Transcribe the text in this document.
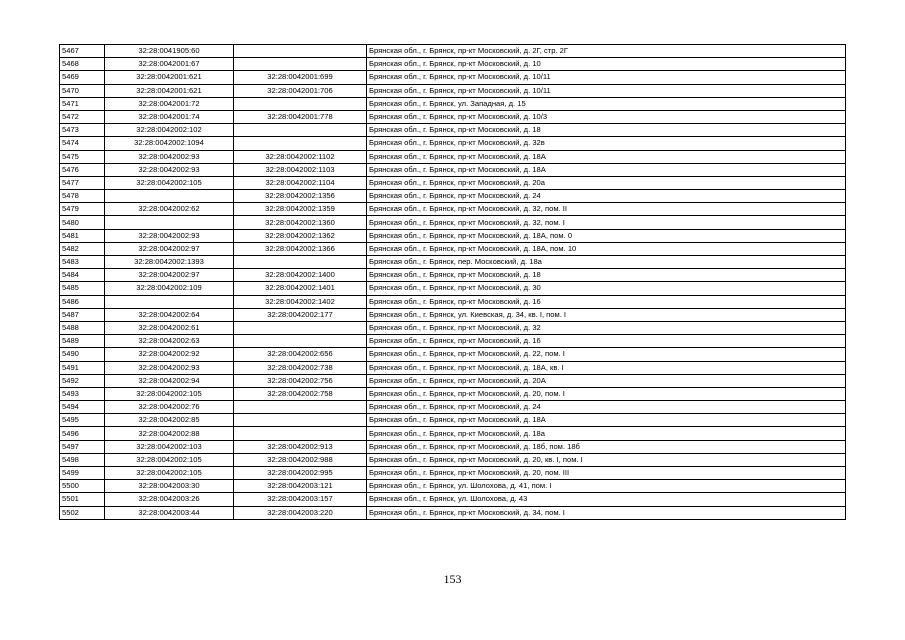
5467	32:28:0041905:60		Брянская обл., г. Брянск, пр-кт Московский, д. 2Г, стр. 2Г
5468	32:28:0042001:67		Брянская обл., г. Брянск, пр-кт Московский, д. 10
5469	32:28:0042001:621	32:28:0042001:699	Брянская обл., г. Брянск, пр-кт Московский, д. 10/11
5470	32:28:0042001:621	32:28:0042001:706	Брянская обл., г. Брянск, пр-кт Московский, д. 10/11
5471	32:28:0042001:72		Брянская обл., г. Брянск, ул. Западная, д. 15
5472	32:28:0042001:74	32:28:0042001:778	Брянская обл., г. Брянск, пр-кт Московский, д. 10/3
5473	32:28:0042002:102		Брянская обл., г. Брянск, пр-кт Московский, д. 18
5474	32:28:0042002:1094		Брянская обл., г. Брянск, пр-кт Московский, д. 32в
5475	32:28:0042002:93	32:28:0042002:1102	Брянская обл., г. Брянск, пр-кт Московский, д. 18А
5476	32:28:0042002:93	32:28:0042002:1103	Брянская обл., г. Брянск, пр-кт Московский, д. 18А
5477	32:28:0042002:105	32:28:0042002:1104	Брянская обл., г. Брянск, пр-кт Московский, д. 20а
5478		32:28:0042002:1356	Брянская обл., г. Брянск, пр-кт Московский, д. 24
5479	32:28:0042002:62	32:28:0042002:1359	Брянская обл., г. Брянск, пр-кт Московский, д. 32, пом. II
5480		32:28:0042002:1360	Брянская обл., г. Брянск, пр-кт Московский, д. 32, пом. I
5481	32:28:0042002:93	32:28:0042002:1362	Брянская обл., г. Брянск, пр-кт Московский, д. 18А, пом. 0
5482	32:28:0042002:97	32:28:0042002:1366	Брянская обл., г. Брянск, пр-кт Московский, д. 18А, пом. 10
5483	32:28:0042002:1393		Брянская обл., г. Брянск, пер. Московский, д. 18а
5484	32:28:0042002:97	32:28:0042002:1400	Брянская обл., г. Брянск, пр-кт Московский, д. 18
5485	32:28:0042002:109	32:28:0042002:1401	Брянская обл., г. Брянск, пр-кт Московский, д. 30
5486		32:28:0042002:1402	Брянская обл., г. Брянск, пр-кт Московский, д. 16
5487	32:28:0042002:64	32:28:0042002:177	Брянская обл., г. Брянск, ул. Киевская, д. 34, кв. I, пом. I
5488	32:28:0042002:61		Брянская обл., г. Брянск, пр-кт Московский, д. 32
5489	32:28:0042002:63		Брянская обл., г. Брянск, пр-кт Московский, д. 16
5490	32:28:0042002:92	32:28:0042002:656	Брянская обл., г. Брянск, пр-кт Московский, д. 22, пом. I
5491	32:28:0042002:93	32:28:0042002:738	Брянская обл., г. Брянск, пр-кт Московский, д. 18А, кв. I
5492	32:28:0042002:94	32:28:0042002:756	Брянская обл., г. Брянск, пр-кт Московский, д. 20А
5493	32:28:0042002:105	32:28:0042002:758	Брянская обл., г. Брянск, пр-кт Московский, д. 20, пом. I
5494	32:28:0042002:76		Брянская обл., г. Брянск, пр-кт Московский, д. 24
5495	32:28:0042002:85		Брянская обл., г. Брянск, пр-кт Московский, д. 18А
5496	32:28:0042002:88		Брянская обл., г. Брянск, пр-кт Московский, д. 18а
5497	32:28:0042002:103	32:28:0042002:913	Брянская обл., г. Брянск, пр-кт Московский, д. 18б, пом. 18б
5498	32:28:0042002:105	32:28:0042002:988	Брянская обл., г. Брянск, пр-кт Московский, д. 20, кв. I, пом. I
5499	32:28:0042002:105	32:28:0042002:995	Брянская обл., г. Брянск, пр-кт Московский, д. 20, пом. III
5500	32:28:0042003:30	32:28:0042003:121	Брянская обл., г. Брянск, ул. Шолохова, д. 41, пом. I
5501	32:28:0042003:26	32:28:0042003:157	Брянская обл., г. Брянск, ул. Шолохова, д. 43
5502	32:28:0042003:44	32:28:0042003:220	Брянская обл., г. Брянск, пр-кт Московский, д. 34, пом. I
153
